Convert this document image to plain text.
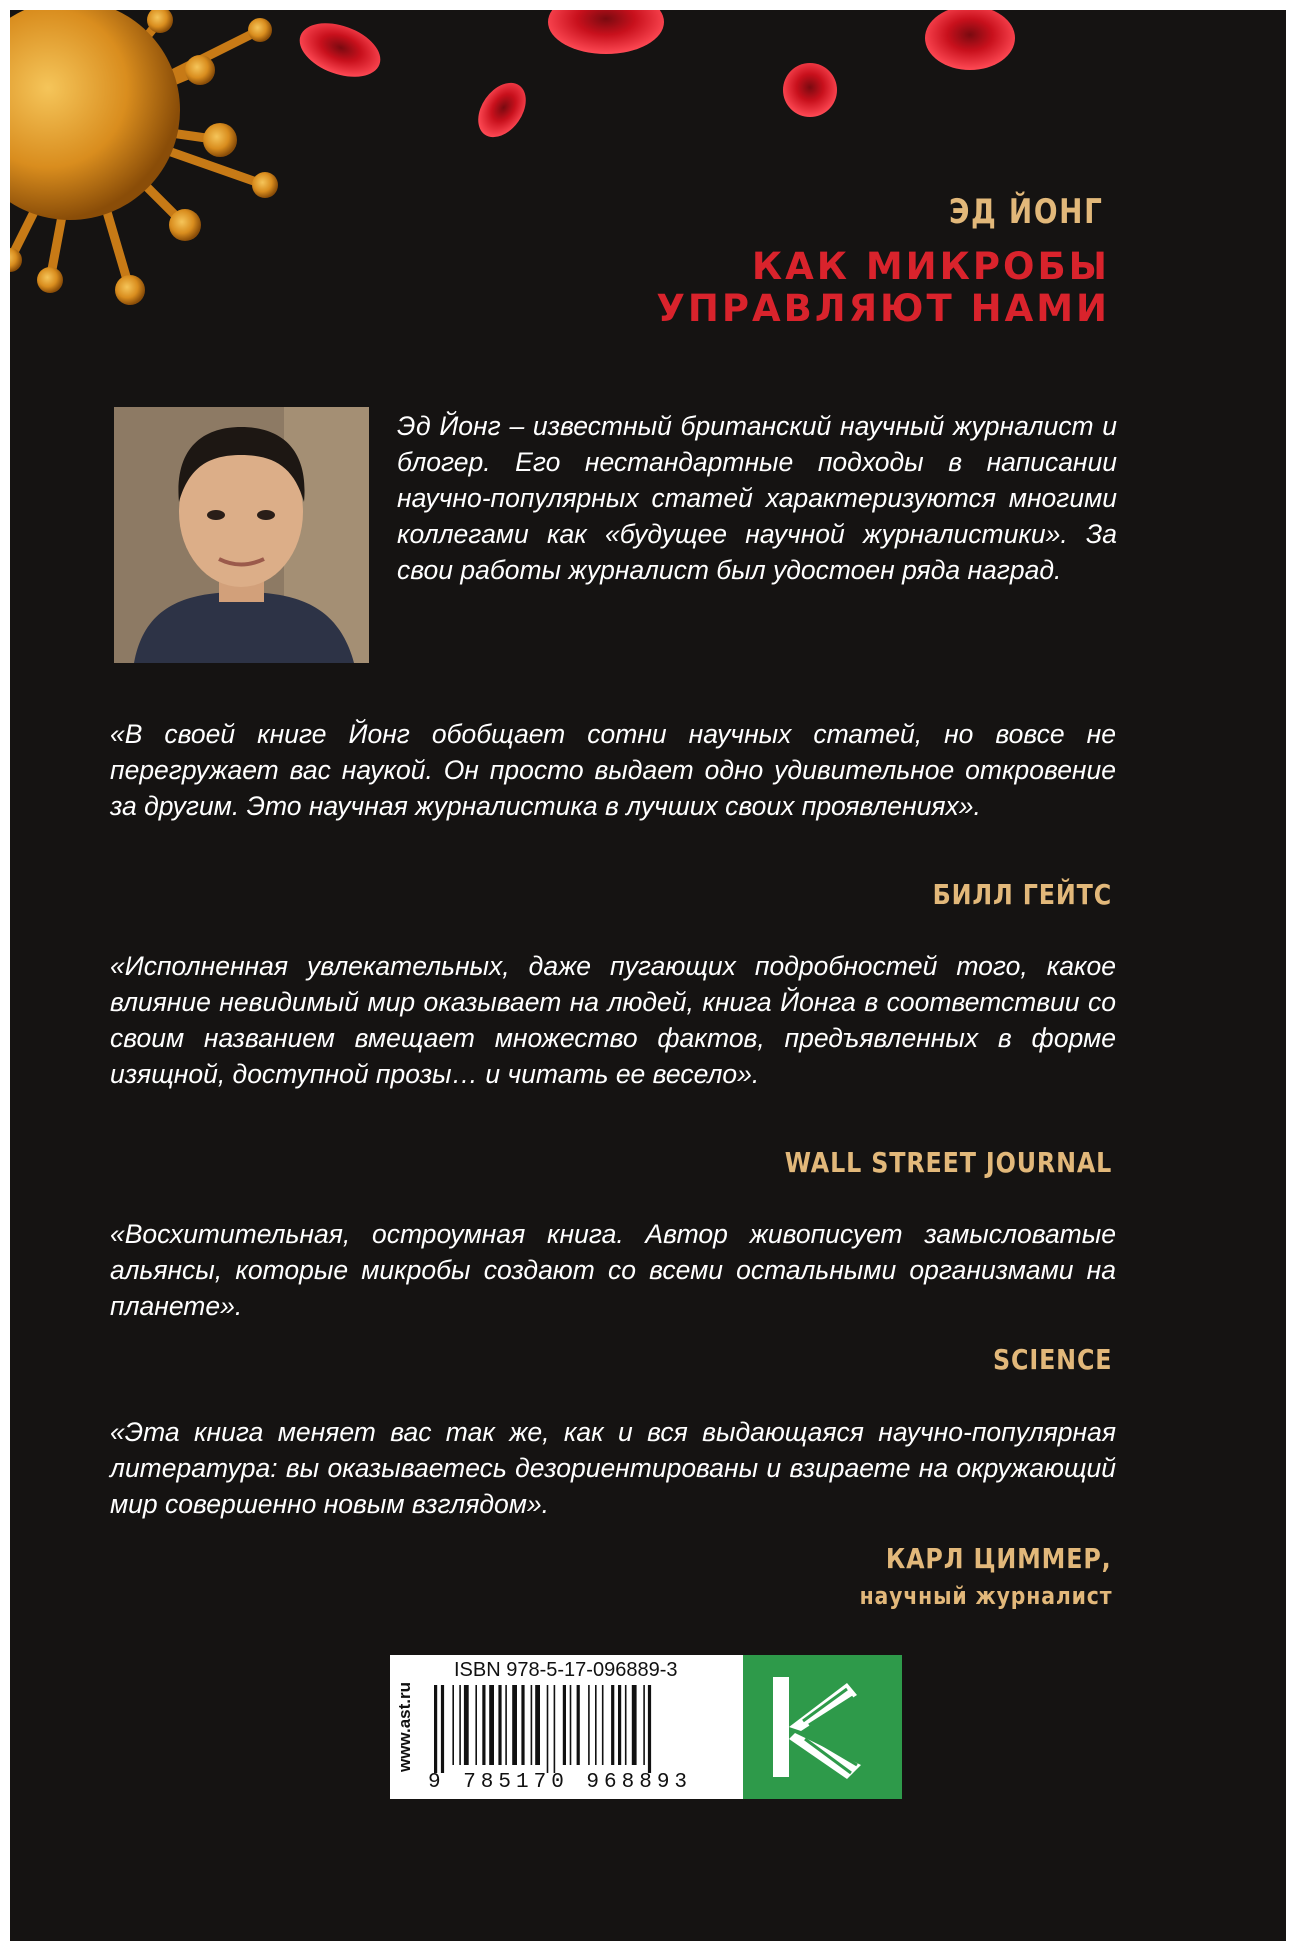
ЭД ЙОНГ
КАК МИКРОБЫ
УПРАВЛЯЮТ НАМИ
Эд Йонг – известный британский научный журналист и блогер. Его нестандартные подходы в написании научно-популярных статей характеризуются многими коллегами как «будущее научной журналистики». За свои работы журналист был удостоен ряда наград.
«В своей книге Йонг обобщает сотни научных статей, но вовсе не перегружает вас наукой. Он просто выдает одно удивительное откровение за другим. Это научная журналистика в лучших своих проявлениях».
БИЛЛ ГЕЙТС
«Исполненная увлекательных, даже пугающих подробностей того, какое влияние невидимый мир оказывает на людей, книга Йонга в соответствии со своим названием вмещает множество фактов, предъявленных в форме изящной, доступной прозы… и читать ее весело».
WALL STREET JOURNAL
«Восхитительная, остроумная книга. Автор живописует замысловатые альянсы, которые микробы создают со всеми остальными организмами на планете».
SCIENCE
«Эта книга меняет вас так же, как и вся выдающаяся научно-популярная литература: вы оказываетесь дезориентированы и взираете на окружающий мир совершенно новым взглядом».
КАРЛ ЦИММЕР,
научный журналист
www.ast.ru
ISBN 978-5-17-096889-3
9 785170 968893
